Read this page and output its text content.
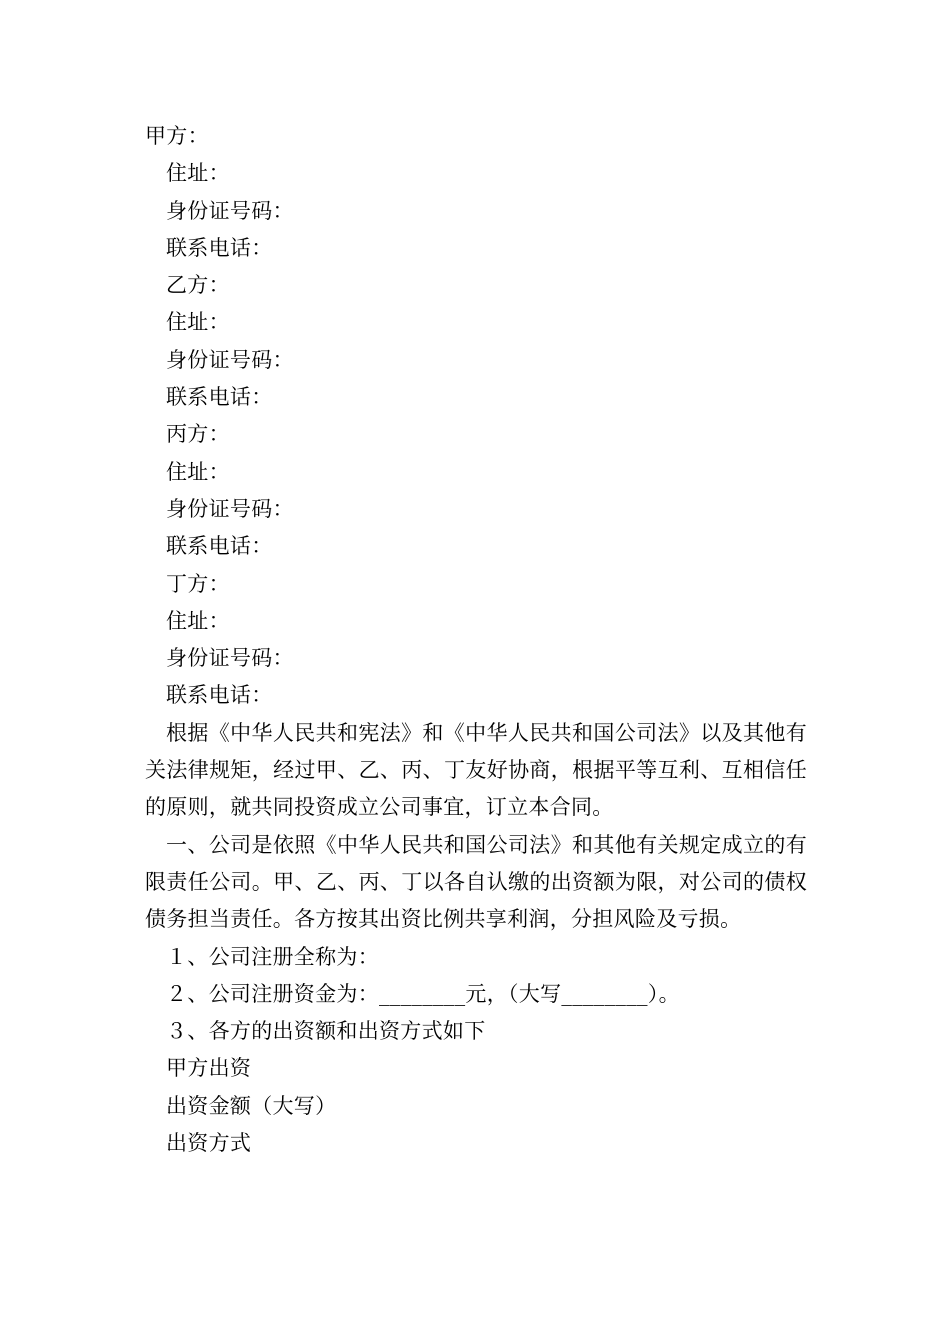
甲方：
住址：
身份证号码：
联系电话：
乙方：
住址：
身份证号码：
联系电话：
丙方：
住址：
身份证号码：
联系电话：
丁方：
住址：
身份证号码：
联系电话：
根据《中华人民共和宪法》和《中华人民共和国公司法》以及其他有关法律规矩，经过甲、乙、丙、丁友好协商，根据平等互利、互相信任的原则，就共同投资成立公司事宜，订立本合同。
一、公司是依照《中华人民共和国公司法》和其他有关规定成立的有限责任公司。甲、乙、丙、丁以各自认缴的出资额为限，对公司的债权债务担当责任。各方按其出资比例共享利润，分担风险及亏损。
１、公司注册全称为：
２、公司注册资金为：________元，（大写________）。
３、各方的出资额和出资方式如下
甲方出资
出资金额（大写）
出资方式
